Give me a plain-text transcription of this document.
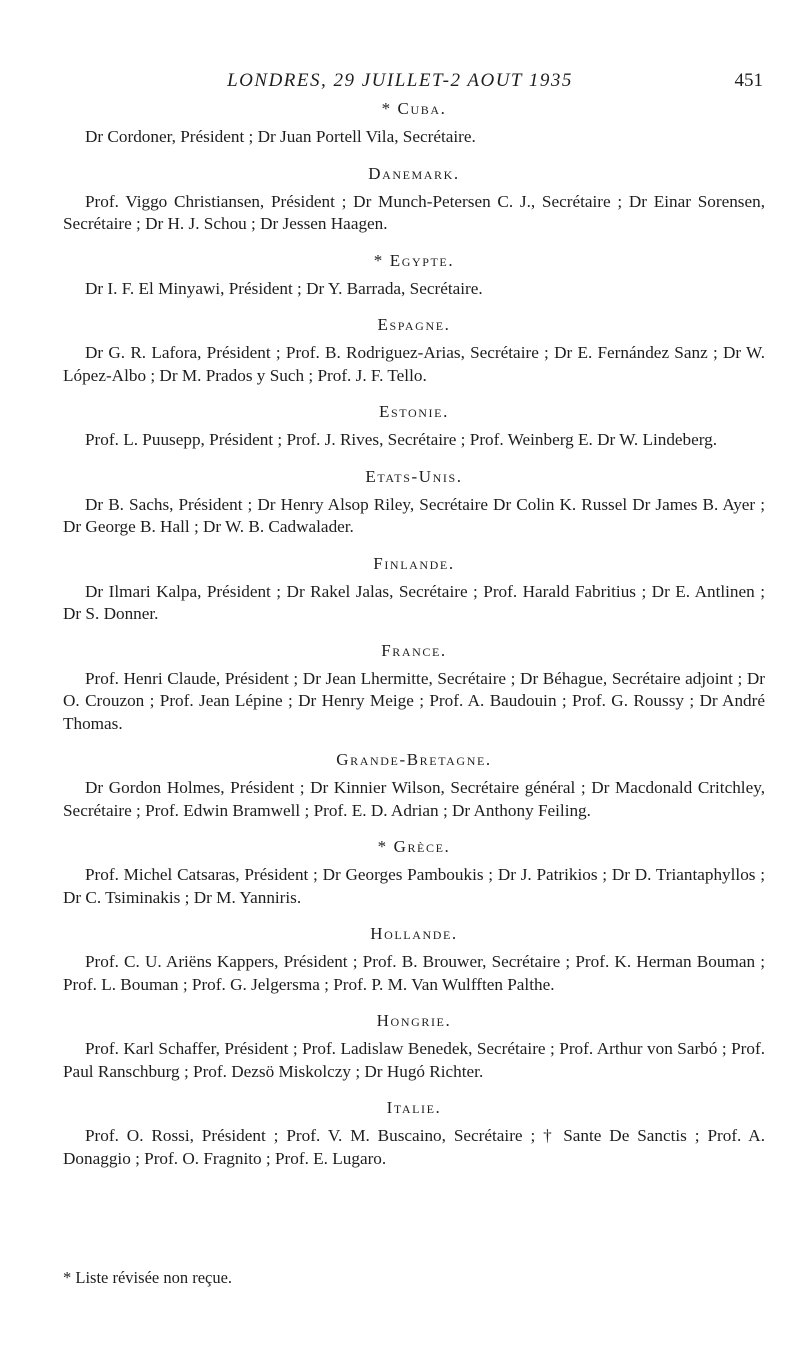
LONDRES, 29 JUILLET-2 AOUT 1935	451
* Cuba.

Dr Cordoner, Président ; Dr Juan Portell Vila, Secrétaire.

Danemark.

Prof. Viggo Christiansen, Président ; Dr Munch-Petersen C. J., Secrétaire ; Dr Einar Sorensen, Secrétaire ; Dr H. J. Schou ; Dr Jessen Haagen.

* Egypte.

Dr I. F. El Minyawi, Président ; Dr Y. Barrada, Secrétaire.

Espagne.

Dr G. R. Lafora, Président ; Prof. B. Rodriguez-Arias, Secrétaire ; Dr E. Fernández Sanz ; Dr W. López-Albo ; Dr M. Prados y Such ; Prof. J. F. Tello.

Estonie.

Prof. L. Puusepp, Président ; Prof. J. Rives, Secrétaire ; Prof. Weinberg E. Dr W. Lindeberg.

Etats-Unis.

Dr B. Sachs, Président ; Dr Henry Alsop Riley, Secrétaire Dr Colin K. Russel Dr James B. Ayer ; Dr George B. Hall ; Dr W. B. Cadwalader.

Finlande.

Dr Ilmari Kalpa, Président ; Dr Rakel Jalas, Secrétaire ; Prof. Harald Fabritius ; Dr E. Antlinen ; Dr S. Donner.

France.

Prof. Henri Claude, Président ; Dr Jean Lhermitte, Secrétaire ; Dr Béhague, Secrétaire adjoint ; Dr O. Crouzon ; Prof. Jean Lépine ; Dr Henry Meige ; Prof. A. Baudouin ; Prof. G. Roussy ; Dr André Thomas.

Grande-Bretagne.

Dr Gordon Holmes, Président ; Dr Kinnier Wilson, Secrétaire général ; Dr Macdonald Critchley, Secrétaire ; Prof. Edwin Bramwell ; Prof. E. D. Adrian ; Dr Anthony Feiling.

* Grèce.

Prof. Michel Catsaras, Président ; Dr Georges Pamboukis ; Dr J. Patrikios ; Dr D. Triantaphyllos ; Dr C. Tsiminakis ; Dr M. Yanniris.

Hollande.

Prof. C. U. Ariëns Kappers, Président ; Prof. B. Brouwer, Secrétaire ; Prof. K. Herman Bouman ; Prof. L. Bouman ; Prof. G. Jelgersma ; Prof. P. M. Van Wulfften Palthe.

Hongrie.

Prof. Karl Schaffer, Président ; Prof. Ladislaw Benedek, Secrétaire ; Prof. Arthur von Sarbó ; Prof. Paul Ranschburg ; Prof. Dezsö Miskolczy ; Dr Hugó Richter.

Italie.

Prof. O. Rossi, Président ; Prof. V. M. Buscaino, Secrétaire ; † Sante De Sanctis ; Prof. A. Donaggio ; Prof. O. Fragnito ; Prof. E. Lugaro.

* Liste révisée non reçue.
